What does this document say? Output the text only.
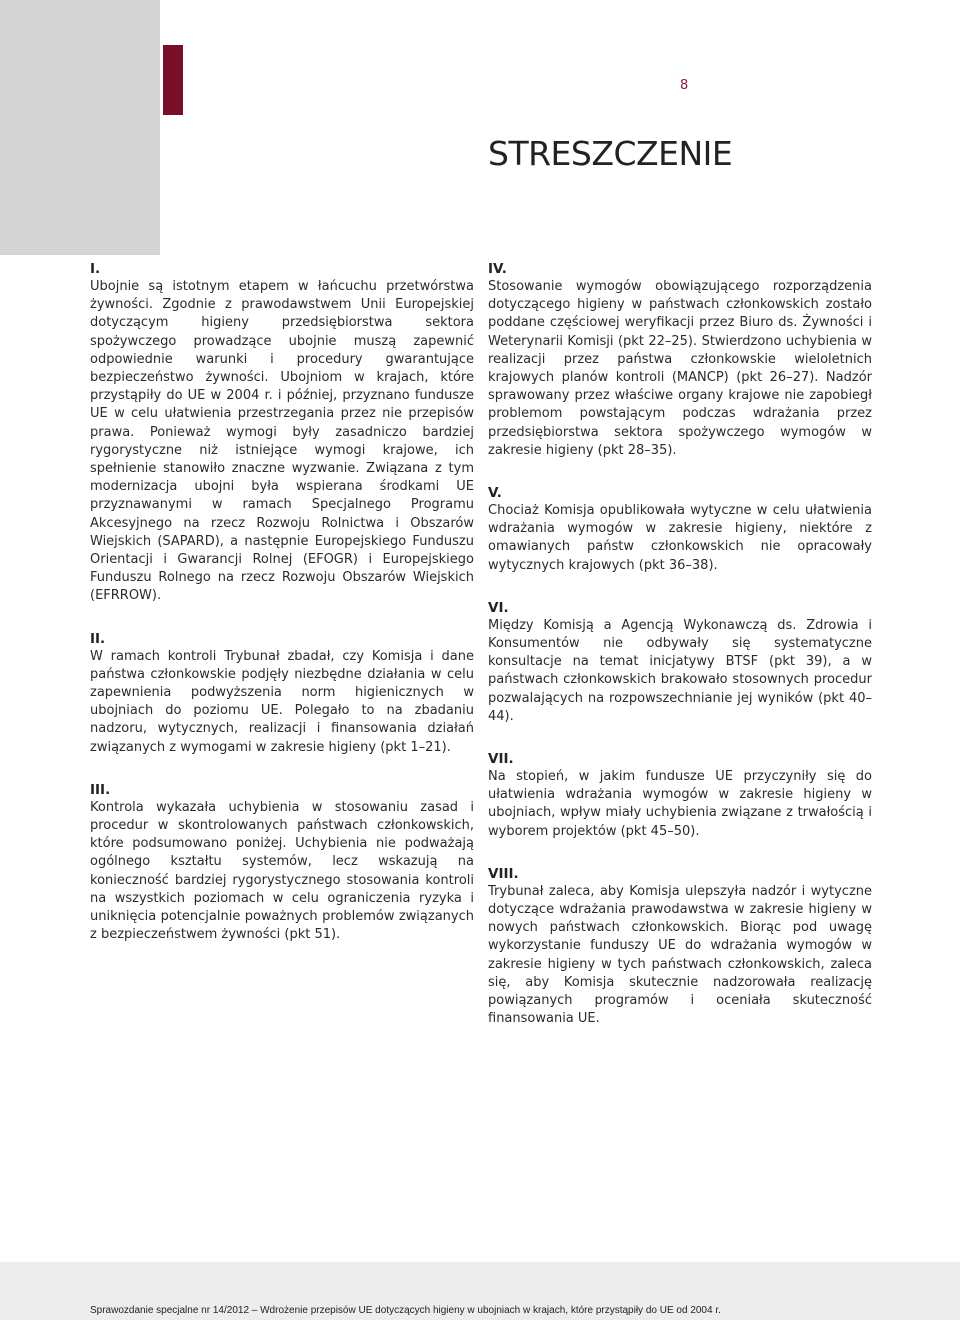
8
STRESZCZENIE
I.

Ubojnie są istotnym etapem w łańcuchu przetwórstwa żywności. Zgodnie z prawodawstwem Unii Europejskiej dotyczącym higieny przedsiębiorstwa sektora spożywczego prowadzące ubojnie muszą zapewnić odpowiednie warunki i procedury gwarantujące bezpieczeństwo żywności. Ubojniom w krajach, które przystąpiły do UE w 2004 r. i później, przyznano fundusze UE w celu ułatwienia przestrzegania przez nie przepisów prawa. Ponieważ wymogi były zasadniczo bardziej rygorystyczne niż istniejące wymogi krajowe, ich spełnienie stanowiło znaczne wyzwanie. Związana z tym modernizacja ubojni była wspierana środkami UE przyznawanymi w ramach Specjalnego Programu Akcesyjnego na rzecz Rozwoju Rolnictwa i Obszarów Wiejskich (SAPARD), a następnie Europejskiego Funduszu Orientacji i Gwarancji Rolnej (EFOGR) i Europejskiego Funduszu Rolnego na rzecz Rozwoju Obszarów Wiejskich (EFRROW).

II.

W ramach kontroli Trybunał zbadał, czy Komisja i dane państwa członkowskie podjęły niezbędne działania w celu zapewnienia podwyższenia norm higienicznych w ubojniach do poziomu UE. Polegało to na zbadaniu nadzoru, wytycznych, realizacji i finansowania działań związanych z wymogami w zakresie higieny (pkt 1–21).

III.

Kontrola wykazała uchybienia w stosowaniu zasad i procedur w skontrolowanych państwach członkowskich, które podsumowano poniżej. Uchybienia nie podważają ogólnego kształtu systemów, lecz wskazują na konieczność bardziej rygorystycznego stosowania kontroli na wszystkich poziomach w celu ograniczenia ryzyka i uniknięcia potencjalnie poważnych problemów związanych z bezpieczeństwem żywności (pkt 51).

IV.

Stosowanie wymogów obowiązującego rozporządzenia dotyczącego higieny w państwach członkowskich zostało poddane częściowej weryfikacji przez Biuro ds. Żywności i Weterynarii Komisji (pkt 22–25). Stwierdzono uchybienia w realizacji przez państwa członkowskie wieloletnich krajowych planów kontroli (MANCP) (pkt 26–27). Nadzór sprawowany przez właściwe organy krajowe nie zapobiegł problemom powstającym podczas wdrażania przez przedsiębiorstwa sektora spożywczego wymogów w zakresie higieny (pkt 28–35).

V.

Chociaż Komisja opublikowała wytyczne w celu ułatwienia wdrażania wymogów w zakresie higieny, niektóre z omawianych państw członkowskich nie opracowały wytycznych krajowych (pkt 36–38).

VI.

Między Komisją a Agencją Wykonawczą ds. Zdrowia i Konsumentów nie odbywały się systematyczne konsultacje na temat inicjatywy BTSF (pkt 39), a w państwach członkowskich brakowało stosownych procedur pozwalających na rozpowszechnianie jej wyników (pkt 40–44).

VII.

Na stopień, w jakim fundusze UE przyczyniły się do ułatwienia wdrażania wymogów w zakresie higieny w ubojniach, wpływ miały uchybienia związane z trwałością i wyborem projektów (pkt 45–50).

VIII.

Trybunał zaleca, aby Komisja ulepszyła nadzór i wytyczne dotyczące wdrażania prawodawstwa w zakresie higieny w nowych państwach członkowskich. Biorąc pod uwagę wykorzystanie funduszy UE do wdrażania wymogów w zakresie higieny w tych państwach członkowskich, zaleca się, aby Komisja skutecznie nadzorowała realizację powiązanych programów i oceniała skuteczność finansowania UE.

Sprawozdanie specjalne nr 14/2012 – Wdrożenie przepisów UE dotyczących higieny w ubojniach w krajach, które przystąpiły do UE od 2004 r.
